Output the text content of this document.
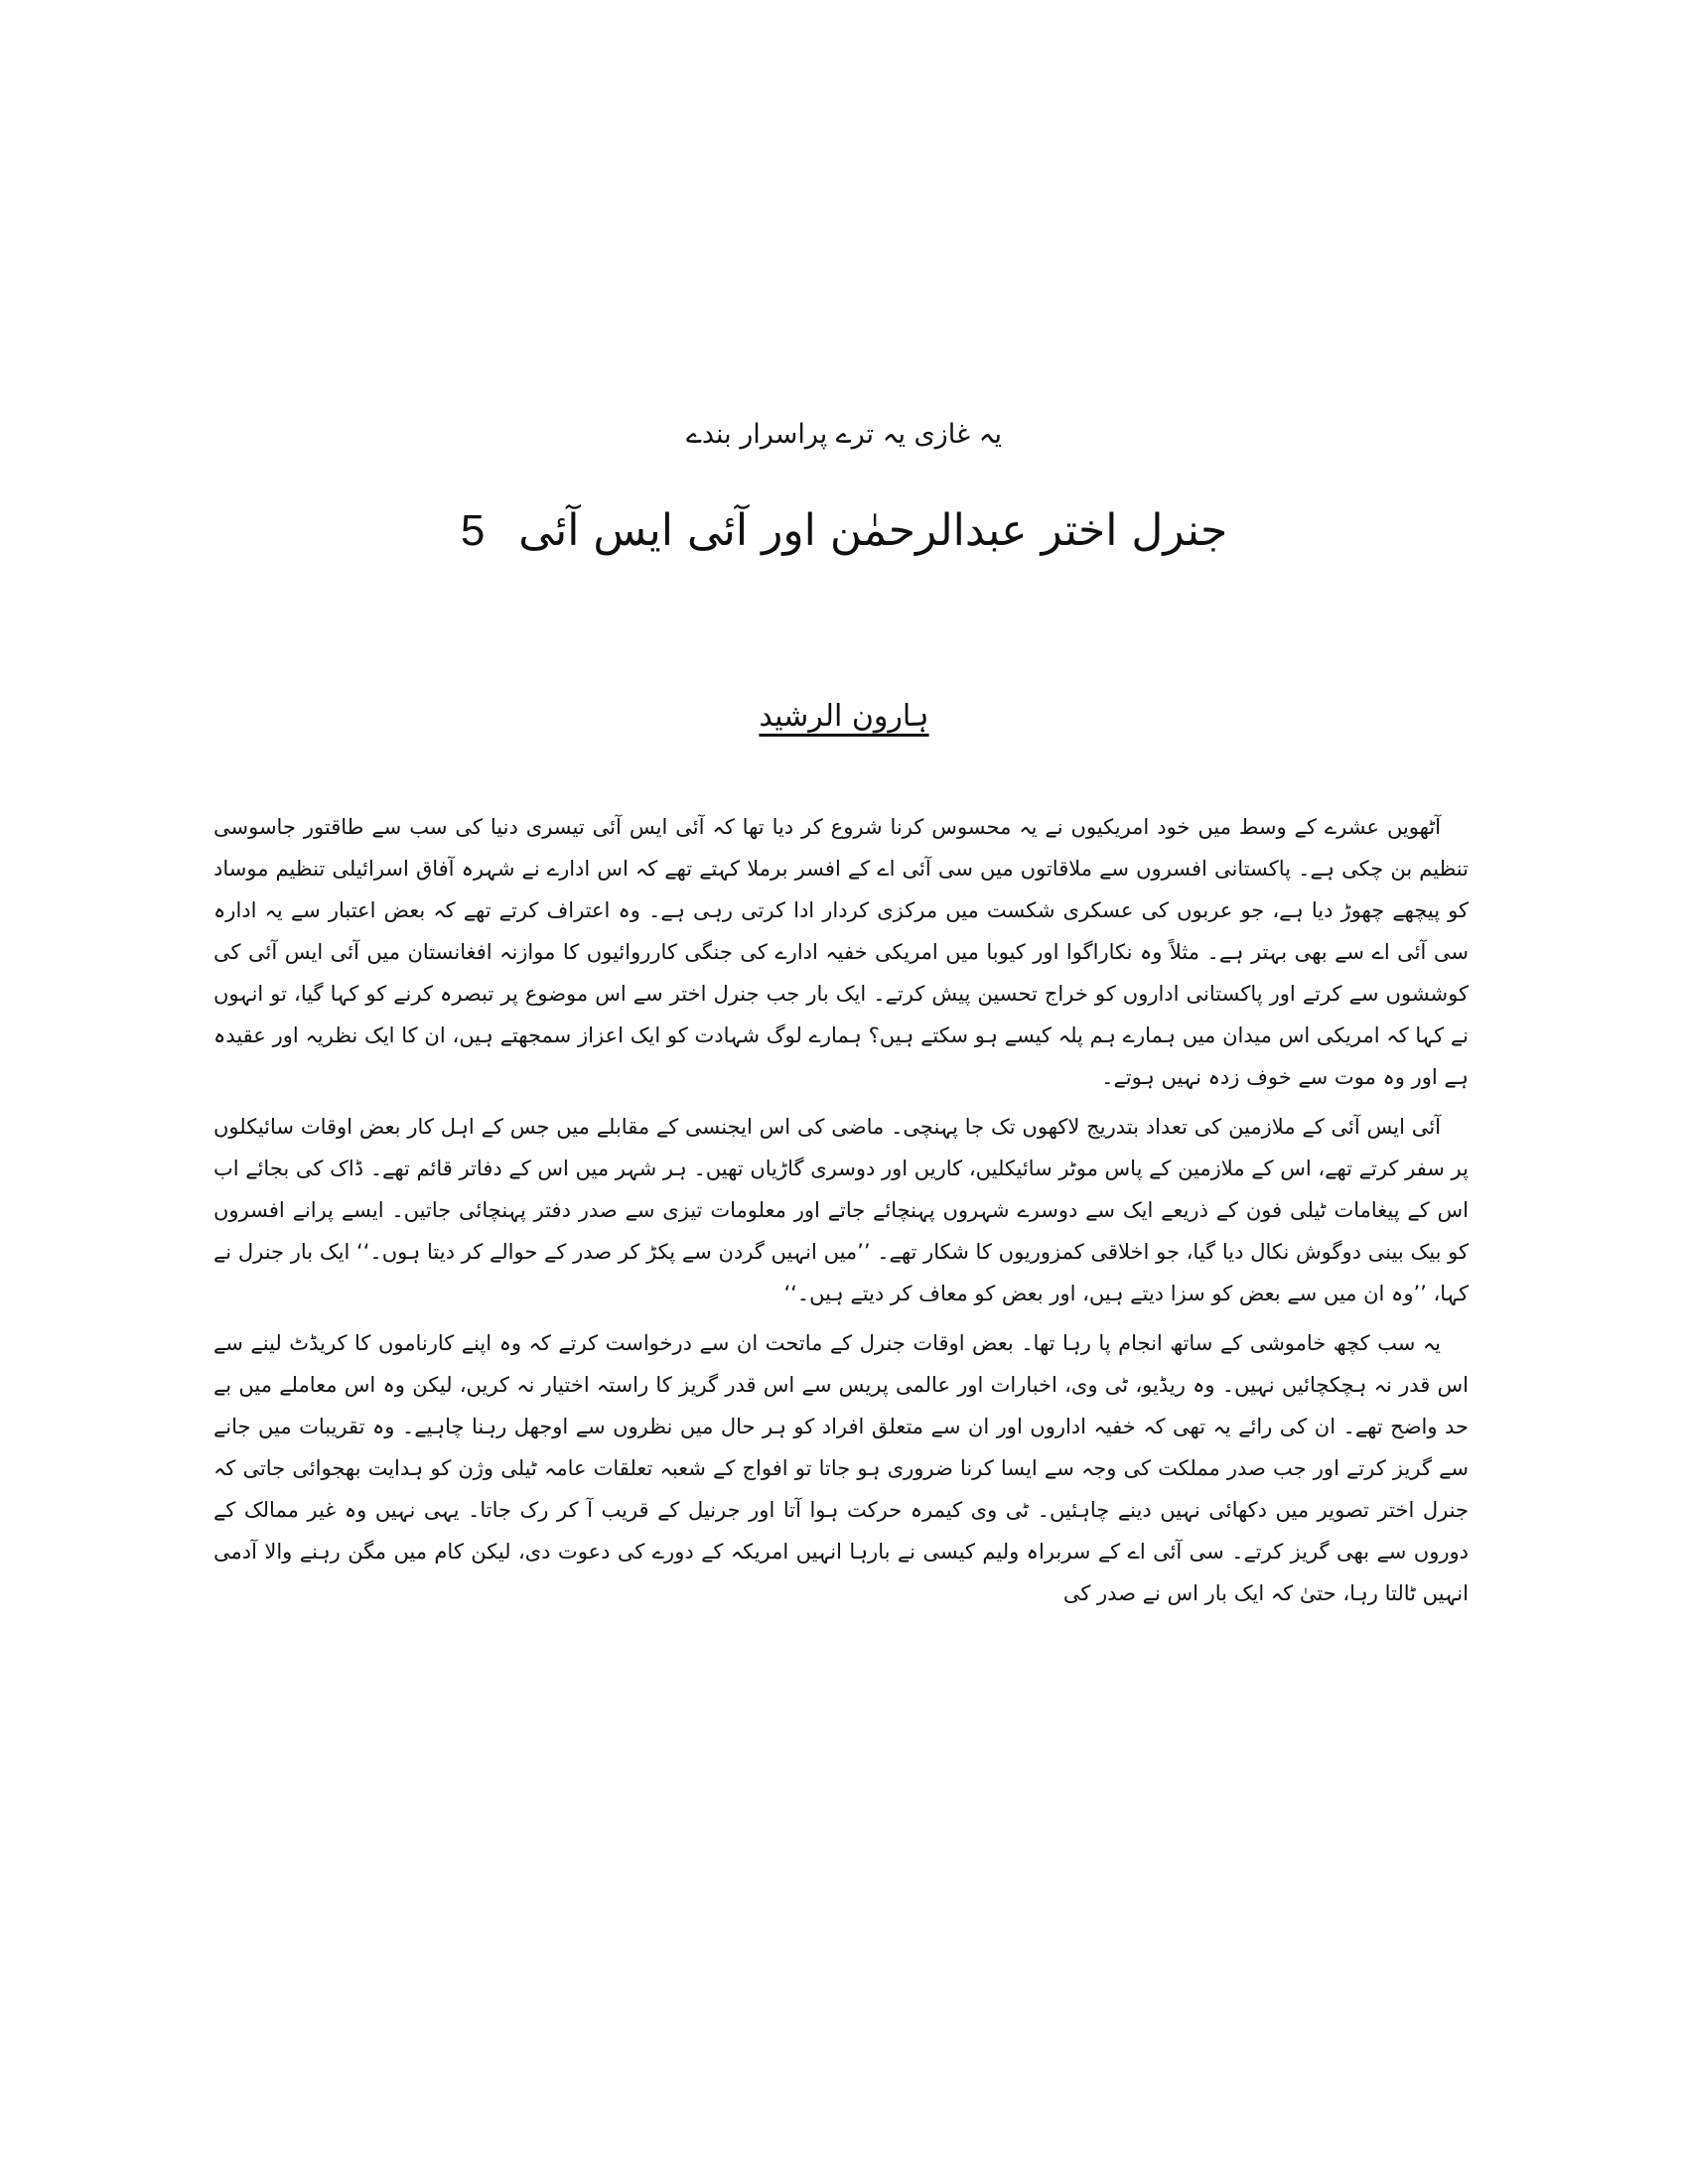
یہ غازی یہ ترے پراسرار بندے
جنرل اختر عبدالرحمٰن اور آئی ایس آئی5
ہارون الرشید

آٹھویں عشرے کے وسط میں خود امریکیوں نے یہ محسوس کرنا شروع کر دیا تھا کہ آئی ایس آئی تیسری دنیا کی سب سے طاقتور جاسوسی تنظیم بن چکی ہے۔ پاکستانی افسروں سے ملاقاتوں میں سی آئی اے کے افسر برملا کہتے تھے کہ اس ادارے نے شہرہ آفاق اسرائیلی تنظیم موساد کو پیچھے چھوڑ دیا ہے، جو عربوں کی عسکری شکست میں مرکزی کردار ادا کرتی رہی ہے۔ وہ اعتراف کرتے تھے کہ بعض اعتبار سے یہ ادارہ سی آئی اے سے بھی بہتر ہے۔ مثلاً وہ نکاراگوا اور کیوبا میں امریکی خفیہ ادارے کی جنگی کارروائیوں کا موازنہ افغانستان میں آئی ایس آئی کی کوششوں سے کرتے اور پاکستانی اداروں کو خراج تحسین پیش کرتے۔ ایک بار جب جنرل اختر سے اس موضوع پر تبصرہ کرنے کو کہا گیا، تو انہوں نے کہا کہ امریکی اس میدان میں ہمارے ہم پلہ کیسے ہو سکتے ہیں؟ ہمارے لوگ شہادت کو ایک اعزاز سمجھتے ہیں، ان کا ایک نظریہ اور عقیدہ ہے اور وہ موت سے خوف زدہ نہیں ہوتے۔

آئی ایس آئی کے ملازمین کی تعداد بتدریج لاکھوں تک جا پہنچی۔ ماضی کی اس ایجنسی کے مقابلے میں جس کے اہل کار بعض اوقات سائیکلوں پر سفر کرتے تھے، اس کے ملازمین کے پاس موٹر سائیکلیں، کاریں اور دوسری گاڑیاں تھیں۔ ہر شہر میں اس کے دفاتر قائم تھے۔ ڈاک کی بجائے اب اس کے پیغامات ٹیلی فون کے ذریعے ایک سے دوسرے شہروں پہنچائے جاتے اور معلومات تیزی سے صدر دفتر پہنچائی جاتیں۔ ایسے پرانے افسروں کو بیک بینی دوگوش نکال دیا گیا، جو اخلاقی کمزوریوں کا شکار تھے۔ ’’میں انہیں گردن سے پکڑ کر صدر کے حوالے کر دیتا ہوں۔‘‘ ایک بار جنرل نے کہا، ’’وہ ان میں سے بعض کو سزا دیتے ہیں، اور بعض کو معاف کر دیتے ہیں۔‘‘

یہ سب کچھ خاموشی کے ساتھ انجام پا رہا تھا۔ بعض اوقات جنرل کے ماتحت ان سے درخواست کرتے کہ وہ اپنے کارناموں کا کریڈٹ لینے سے اس قدر نہ ہچکچائیں نہیں۔ وہ ریڈیو، ٹی وی، اخبارات اور عالمی پریس سے اس قدر گریز کا راستہ اختیار نہ کریں، لیکن وہ اس معاملے میں بے حد واضح تھے۔ ان کی رائے یہ تھی کہ خفیہ اداروں اور ان سے متعلق افراد کو ہر حال میں نظروں سے اوجھل رہنا چاہیے۔ وہ تقریبات میں جانے سے گریز کرتے اور جب صدر مملکت کی وجہ سے ایسا کرنا ضروری ہو جاتا تو افواج کے شعبہ تعلقات عامہ ٹیلی وژن کو ہدایت بھجوائی جاتی کہ جنرل اختر تصویر میں دکھائی نہیں دینے چاہئیں۔ ٹی وی کیمرہ حرکت ہوا آتا اور جرنیل کے قریب آ کر رک جاتا۔ یہی نہیں وہ غیر ممالک کے دوروں سے بھی گریز کرتے۔ سی آئی اے کے سربراہ ولیم کیسی نے بارہا انہیں امریکہ کے دورے کی دعوت دی، لیکن کام میں مگن رہنے والا آدمی انہیں ٹالتا رہا، حتیٰ کہ ایک بار اس نے صدر کی
